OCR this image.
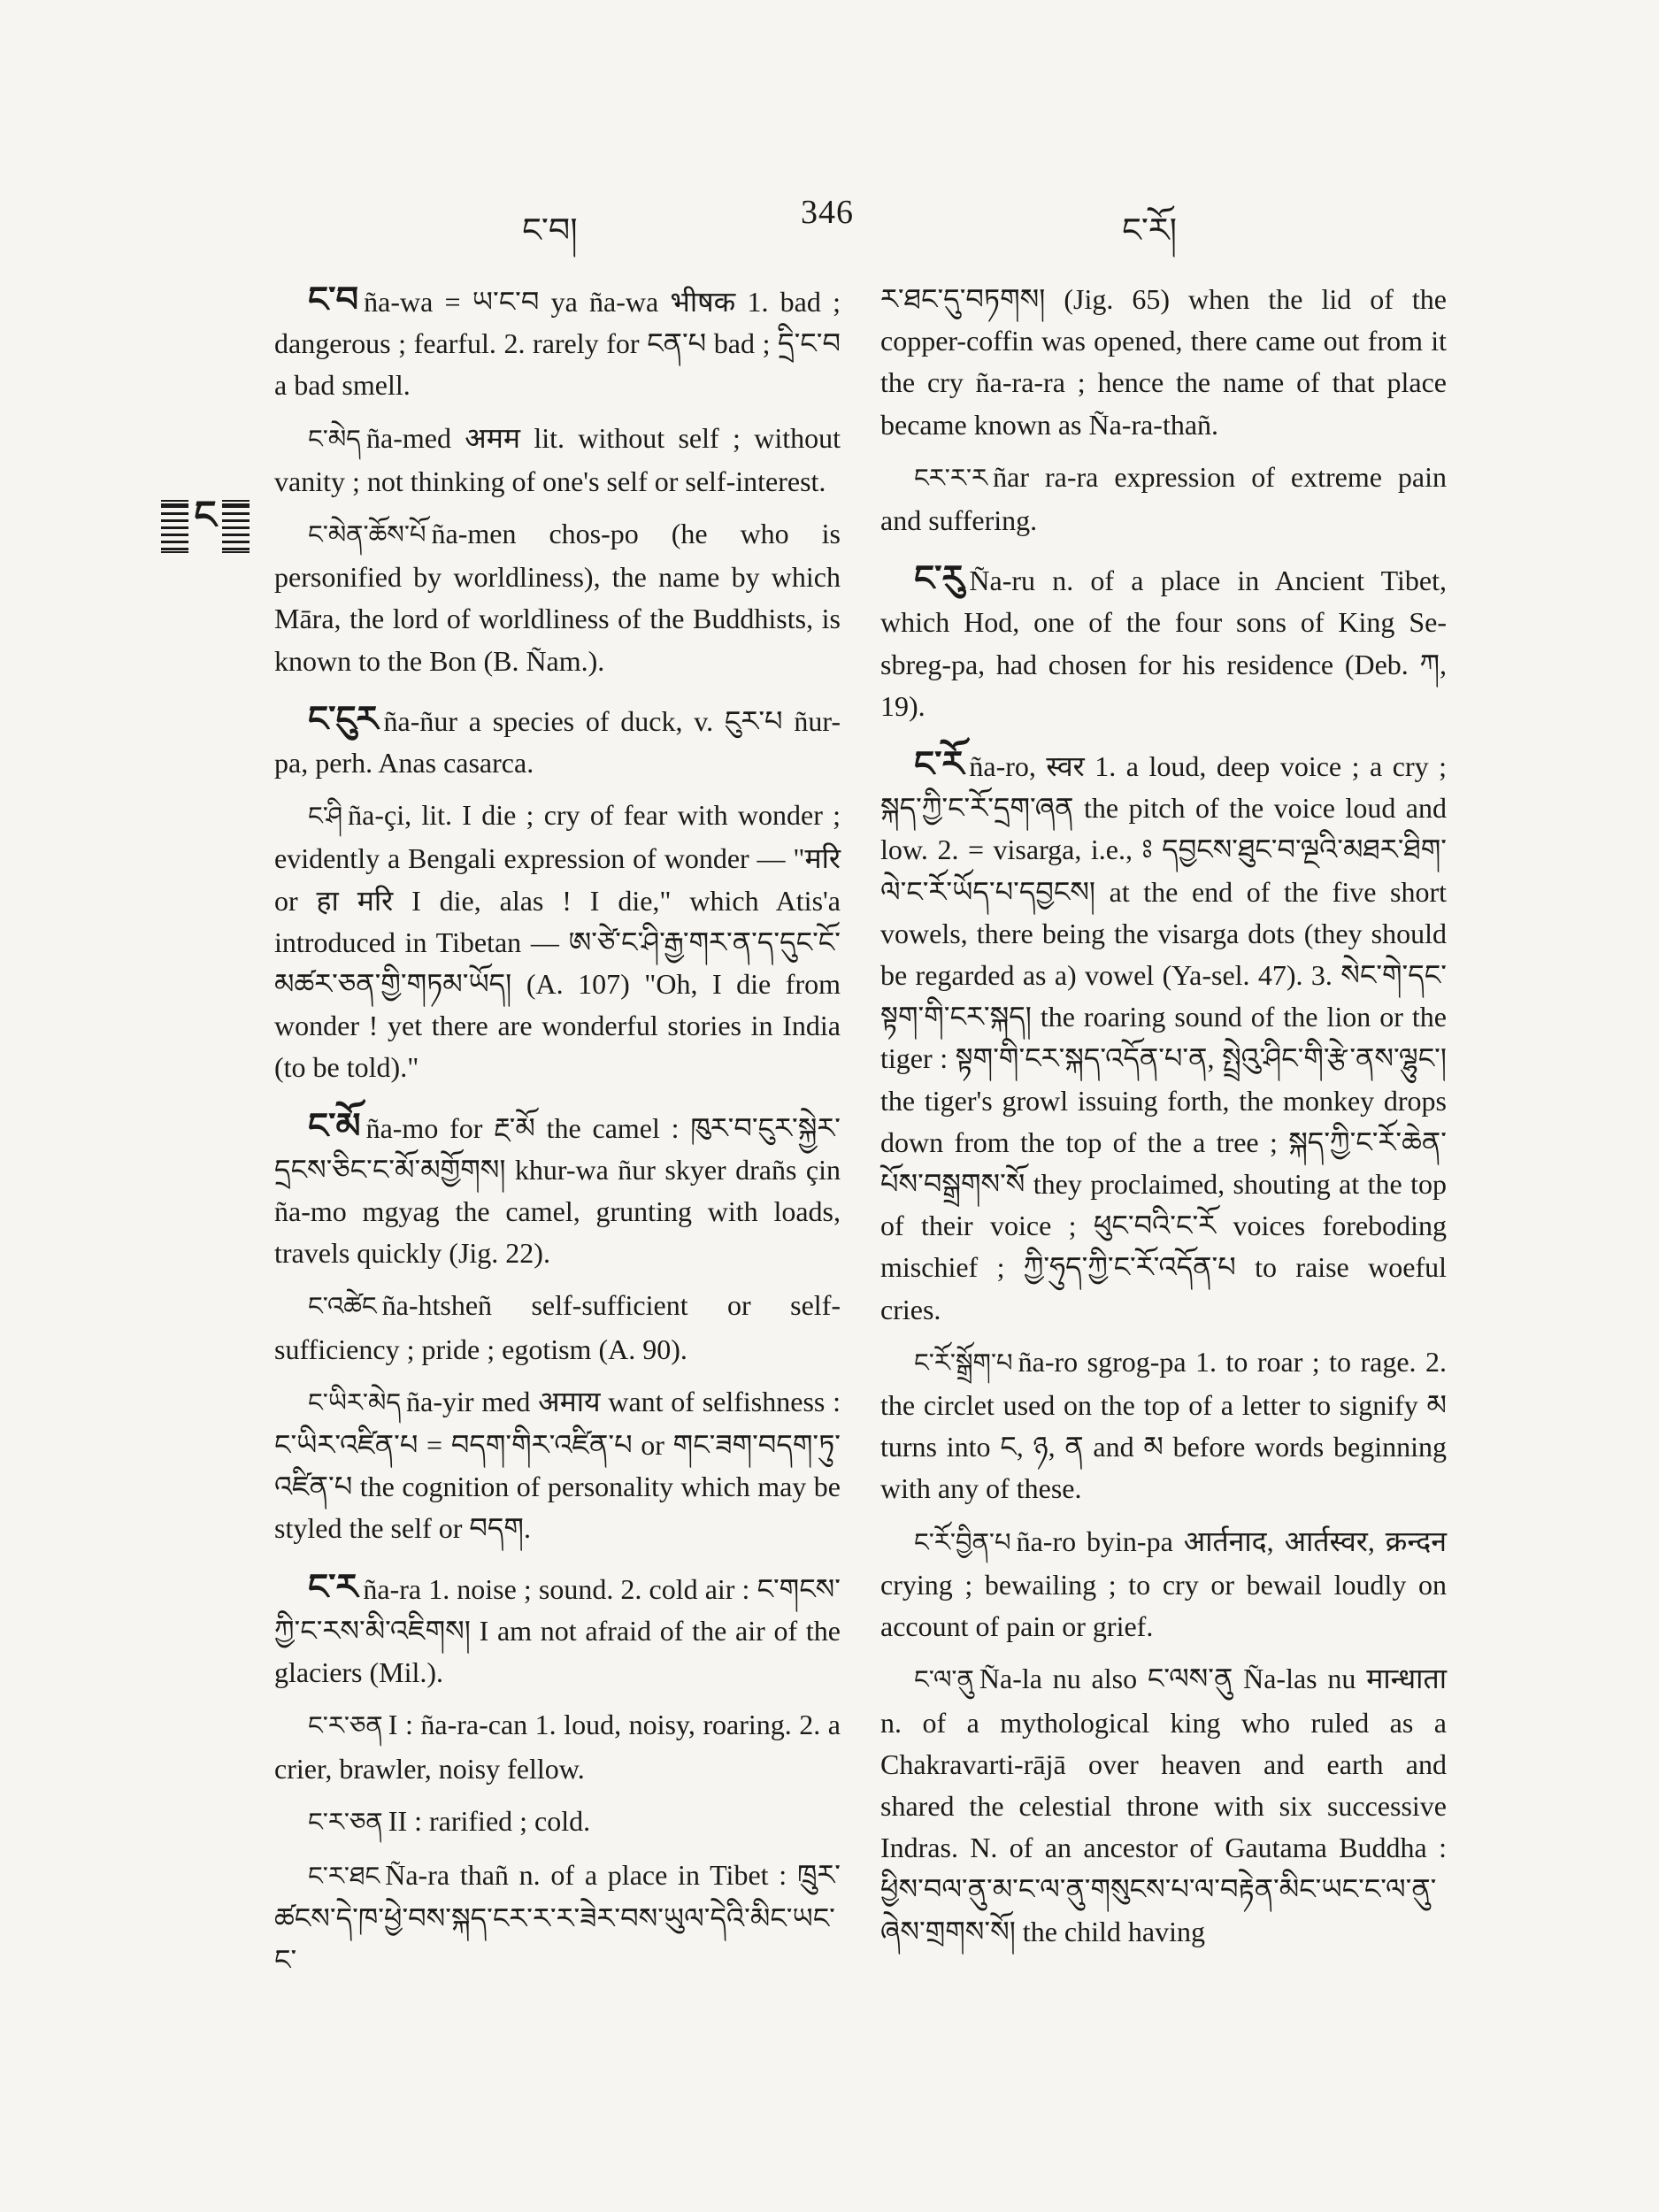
ང་བ།	346	ང་རོ།
ང

ང་བ ña-wa = ཡ་ང་བ ya ña-wa भीषक 1. bad ; dangerous ; fearful. 2. rarely for ངན་པ bad ; དྲི་ང་བ a bad smell.

ང་མེད ña-med अमम lit. without self ; without vanity ; not thinking of one's self or self-interest.

ང་མེན་ཆོས་པོ ña-men chos-po (he who is personified by worldliness), the name by which Māra, the lord of worldliness of the Buddhists, is known to the Bon (B. Ñam.).

ང་ངུར ña-ñur a species of duck, v. ངུར་པ ñur-pa, perh. Anas casarca.

ང་ཤི ña-çi, lit. I die ; cry of fear with wonder ; evidently a Bengali expression of wonder — "मरि or हा मरि I die, alas ! I die," which Atis'a introduced in Tibetan — ཨ་ཙེ་ང་ཤི་རྒྱ་གར་ན་ད་དུང་ངོ་མཚར་ཅན་གྱི་གཏམ་ཡོད། (A. 107) "Oh, I die from wonder ! yet there are wonderful stories in India (to be told)."

ང་མོ ña-mo for རྔ་མོ the camel : ཁུར་བ་ངུར་སྐྱེར་དྲངས་ཅིང་ང་མོ་མགྱོགས། khur-wa ñur skyer drañs çin ña-mo mgyag the camel, grunting with loads, travels quickly (Jig. 22).

ང་འཚེང ña-htsheñ self-sufficient or self-sufficiency ; pride ; egotism (A. 90).

ང་ཡིར་མེད ña-yir med अमाय want of selfishness : ང་ཡིར་འཛིན་པ = བདག་གིར་འཛིན་པ or གང་ཟག་བདག་ཏུ་འཛིན་པ the cognition of personality which may be styled the self or བདག.

ང་ར ña-ra 1. noise ; sound. 2. cold air : ང་གངས་ཀྱི་ང་རས་མི་འཇིགས། I am not afraid of the air of the glaciers (Mil.).

ང་ར་ཅན I : ña-ra-can 1. loud, noisy, roaring. 2. a crier, brawler, noisy fellow.

ང་ར་ཅན II : rarified ; cold.

ང་ར་ཐང Ña-ra thañ n. of a place in Tibet : ཁྲུར་ཚངས་དེ་ཁ་ཕྱེ་བས་སྐད་ངར་ར་ར་ཟེར་བས་ཡུལ་དེའི་མིང་ཡང་ང་

ར་ཐང་དུ་བཏགས། (Jig. 65) when the lid of the copper-coffin was opened, there came out from it the cry ña-ra-ra ; hence the name of that place became known as Ña-ra-thañ.

ངར་ར་ར ñar ra-ra expression of extreme pain and suffering.

ང་རུ Ña-ru n. of a place in Ancient Tibet, which Hod, one of the four sons of King Se-sbreg-pa, had chosen for his residence (Deb. ཀ, 19).

ང་རོ ña-ro, स्वर 1. a loud, deep voice ; a cry ; སྐད་ཀྱི་ང་རོ་དྲག་ཞན the pitch of the voice loud and low. 2. = visarga, i.e., ཿ དབྱངས་ཐུང་བ་ལྔའི་མཐར་ཐིག་ལེ་ང་རོ་ཡོད་པ་དབྱངས། at the end of the five short vowels, there being the visarga dots (they should be regarded as a) vowel (Ya-sel. 47). 3. སེང་གེ་དང་སྟག་གི་ངར་སྐད། the roaring sound of the lion or the tiger : སྟག་གི་ངར་སྐད་འདོན་པ་ན, སྤྲེའུ་ཤིང་གི་རྩེ་ནས་ལྷུང་། the tiger's growl issuing forth, the monkey drops down from the top of the a tree ; སྐད་ཀྱི་ང་རོ་ཆེན་པོས་བསྒྲགས་སོ they proclaimed, shouting at the top of their voice ; ཕུང་བའི་ང་རོ voices foreboding mischief ; ཀྱི་ཧུད་ཀྱི་ང་རོ་འདོན་པ to raise woeful cries.

ང་རོ་སྒྲོག་པ ña-ro sgrog-pa 1. to roar ; to rage. 2. the circlet used on the top of a letter to signify མ turns into ང, ཉ, ན and མ before words beginning with any of these.

ང་རོ་བྱིན་པ ña-ro byin-pa आर्तनाद, आर्तस्वर, क्रन्दन crying ; bewailing ; to cry or bewail loudly on account of pain or grief.

ང་ལ་ནུ Ña-la nu also ང་ལས་ནུ Ña-las nu मान्धाता n. of a mythological king who ruled as a Chakravarti-rājā over heaven and earth and shared the celestial throne with six successive Indras. N. of an ancestor of Gautama Buddha : ཕྱིས་བལ་ནུ་མ་ང་ལ་ནུ་གསུངས་པ་ལ་བརྟེན་མིང་ཡང་ང་ལ་ནུ་ཞེས་གྲགས་སོ། the child having
